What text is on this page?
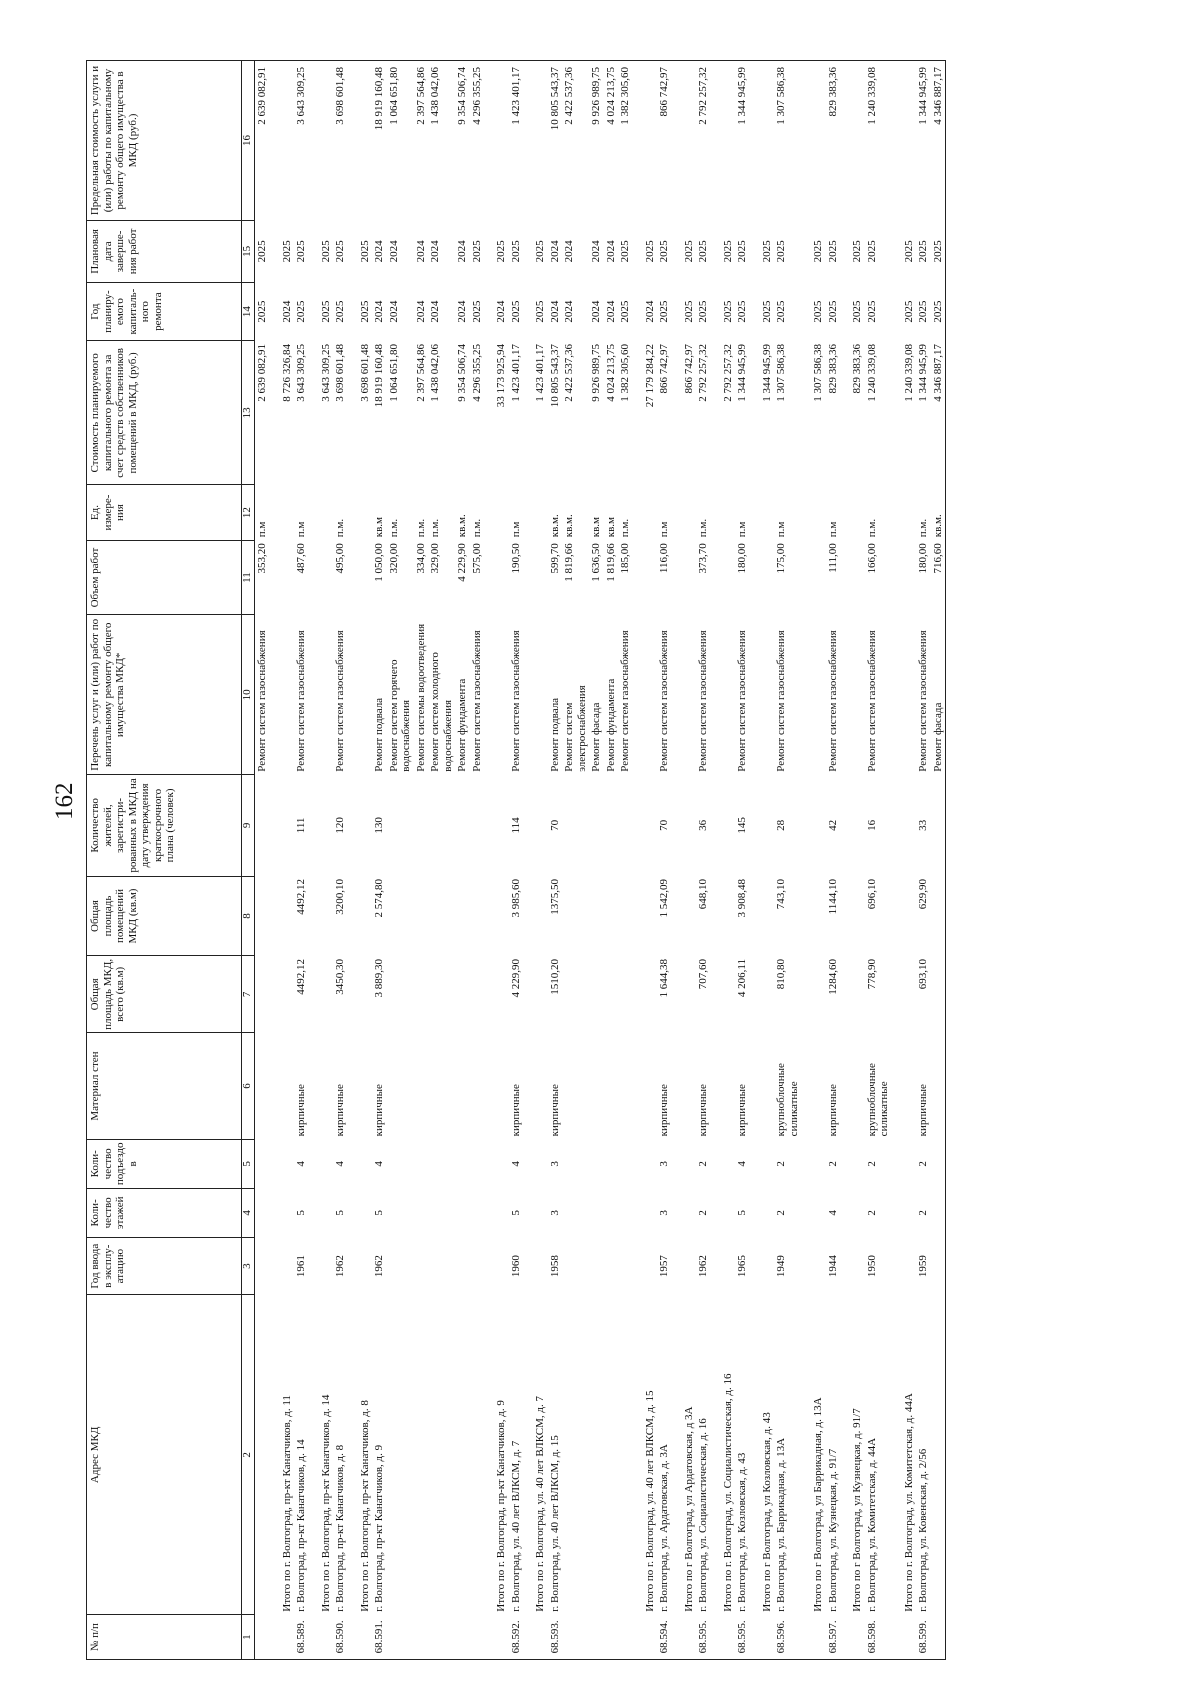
162
№ п/п	Адрес МКД	Год ввода в эксплу-атацию	Коли-чество этажей	Коли-чество подъездо в	Материал стен	Общая площадь МКД, всего (кв.м)	Общая площадь помещений МКД (кв.м)	Количество жителей, зарегистри-рованных в МКД на дату утверждения краткосрочного плана (человек)	Перечень услуг и (или) работ по капитальному ремонту общего имущества МКД*	Объем работ	Ед. измере-ния	Стоимость планируемого капитального ремонта за счет средств собственников помещений в МКД, (руб.)	Год планиру-емого капиталь-ного ремонта	Плановая дата заверше-ния работ	Предельная стоимость услуги и (или) работы по капитальному ремонту общего имущества в МКД (руб.)
1	2	3	4	5	6	7	8	9	10	11	12	13	14	15	16
									Ремонт систем газоснабжения	353,20	п.м	2 639 082,91	2025	2025	2 639 082,91
	Итого по г. Волгоград, пр-кт Канатчиков, д. 11											8 726 326,84	2024	2025	
68.589.	г. Волгоград, пр-кт Канатчиков, д. 14	1961	5	4	кирпичные	4492,12	4492,12	111	Ремонт систем газоснабжения	487,60	п.м	3 643 309,25	2025	2025	3 643 309,25
	Итого по г. Волгоград, пр-кт Канатчиков, д. 14											3 643 309,25	2025	2025	
68.590.	г. Волгоград, пр-кт Канатчиков, д. 8	1962	5	4	кирпичные	3450,30	3200,10	120	Ремонт систем газоснабжения	495,00	п.м.	3 698 601,48	2025	2025	3 698 601,48
	Итого по г. Волгоград, пр-кт Канатчиков, д. 8											3 698 601,48	2025	2025	
68.591.	г. Волгоград, пр-кт Канатчиков, д. 9	1962	5	4	кирпичные	3 889,30	2 574,80	130	Ремонт подвала	1 050,00	кв.м	18 919 160,48	2024	2024	18 919 160,48
									Ремонт систем горячего водоснабжения	320,00	п.м.	1 064 651,80	2024	2024	1 064 651,80
									Ремонт системы водоотведения	334,00	п.м.	2 397 564,86	2024	2024	2 397 564,86
									Ремонт систем холодного водоснабжения	329,00	п.м.	1 438 042,06	2024	2024	1 438 042,06
									Ремонт фундамента	4 229,90	кв.м.	9 354 506,74	2024	2024	9 354 506,74
									Ремонт систем газоснабжения	575,00	п.м.	4 296 355,25	2025	2025	4 296 355,25
	Итого по г. Волгоград, пр-кт Канатчиков, д. 9											33 173 925,94	2024	2025	
68.592.	г. Волгоград, ул. 40 лет ВЛКСМ, д. 7	1960	5	4	кирпичные	4 229,90	3 985,60	114	Ремонт систем газоснабжения	190,50	п.м	1 423 401,17	2025	2025	1 423 401,17
	Итого по г. Волгоград, ул. 40 лет ВЛКСМ, д. 7											1 423 401,17	2025	2025	
68.593.	г. Волгоград, ул. 40 лет ВЛКСМ, д. 15	1958	3	3	кирпичные	1510,20	1375,50	70	Ремонт подвала	599,70	кв.м.	10 805 543,37	2024	2024	10 805 543,37
									Ремонт систем электроснабжения	1 819,66	кв.м.	2 422 537,36	2024	2024	2 422 537,36
									Ремонт фасада	1 636,50	кв.м	9 926 989,75	2024	2024	9 926 989,75
									Ремонт фундамента	1 819,66	кв.м	4 024 213,75	2024	2024	4 024 213,75
									Ремонт систем газоснабжения	185,00	п.м.	1 382 305,60	2025	2025	1 382 305,60
	Итого по г. Волгоград, ул. 40 лет ВЛКСМ, д. 15											27 179 284,22	2024	2025	
68.594.	г. Волгоград, ул. Ардатовская, д. 3А	1957	3	3	кирпичные	1 644,38	1 542,09	70	Ремонт систем газоснабжения	116,00	п.м	866 742,97	2025	2025	866 742,97
	Итого по г Волгоград, ул Ардатовская, д 3А											866 742,97	2025	2025	
68.595.	г. Волгоград, ул. Социалистическая, д. 16	1962	2	2	кирпичные	707,60	648,10	36	Ремонт систем газоснабжения	373,70	п.м.	2 792 257,32	2025	2025	2 792 257,32
	Итого по г. Волгоград, ул. Социалистическая, д. 16											2 792 257,32	2025	2025	
68.595.	г. Волгоград, ул. Козловская, д. 43	1965	5	4	кирпичные	4 206,11	3 908,48	145	Ремонт систем газоснабжения	180,00	п.м	1 344 945,99	2025	2025	1 344 945,99
	Итого по г Волгоград, ул Козловская, д. 43											1 344 945,99	2025	2025	
68.596.	г. Волгоград, ул. Баррикадная, д. 13А	1949	2	2	крупноблочные силикатные	810,80	743,10	28	Ремонт систем газоснабжения	175,00	п.м	1 307 586,38	2025	2025	1 307 586,38
	Итого по г Волгоград, ул Баррикадная, д. 13А											1 307 586,38	2025	2025	
68.597.	г. Волгоград, ул. Кузнецкая, д. 91/7	1944	4	2	кирпичные	1284,60	1144,10	42	Ремонт систем газоснабжения	111,00	п.м	829 383,36	2025	2025	829 383,36
	Итого по г Волгоград, ул Кузнецкая, д. 91/7											829 383,36	2025	2025	
68.598.	г. Волгоград, ул. Комитетская, д. 44А	1950	2	2	крупноблочные силикатные	778,90	696,10	16	Ремонт систем газоснабжения	166,00	п.м.	1 240 339,08	2025	2025	1 240 339,08
	Итого по г. Волгоград, ул. Комитетская, д. 44А											1 240 339,08	2025	2025	
68.599.	г. Волгоград, ул. Ковенская, д. 2/56	1959	2	2	кирпичные	693,10	629,90	33	Ремонт систем газоснабжения	180,00	п.м.	1 344 945,99	2025	2025	1 344 945,99
									Ремонт фасада	716,60	кв.м.	4 346 887,17	2025	2025	4 346 887,17
